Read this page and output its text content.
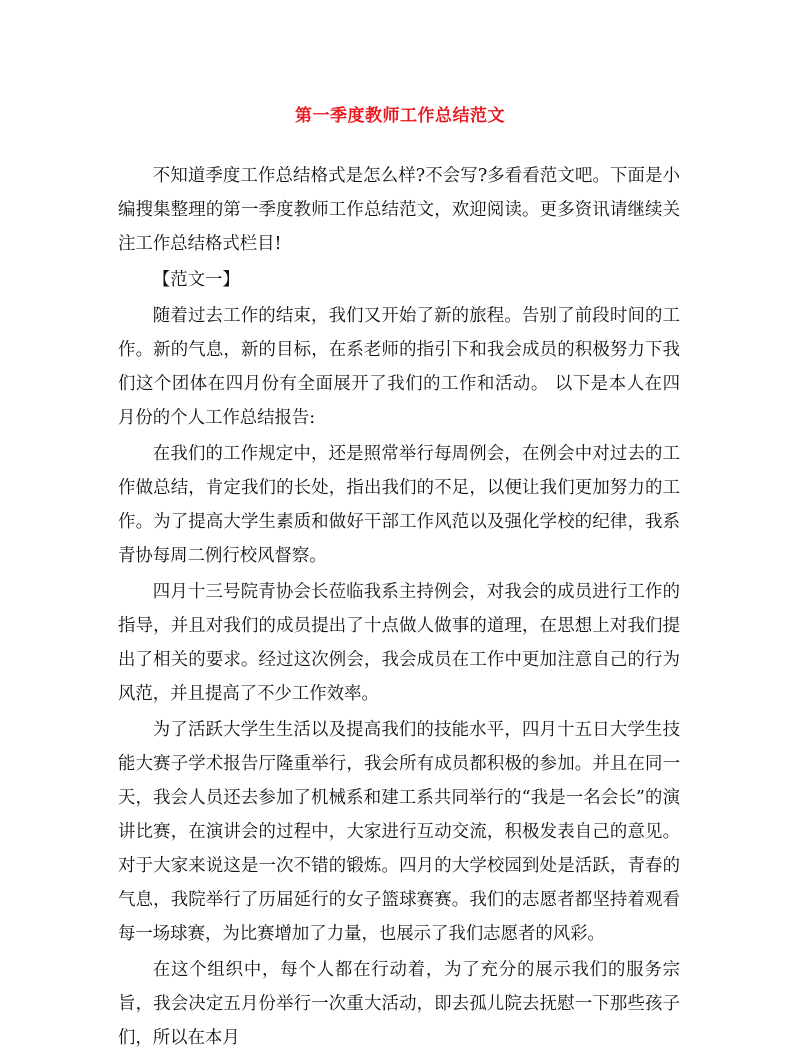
第一季度教师工作总结范文

不知道季度工作总结格式是怎么样?不会写?多看看范文吧。下面是小编搜集整理的第一季度教师工作总结范文，欢迎阅读。更多资讯请继续关注工作总结格式栏目!

【范文一】

随着过去工作的结束，我们又开始了新的旅程。告别了前段时间的工作。新的气息，新的目标，在系老师的指引下和我会成员的积极努力下我们这个团体在四月份有全面展开了我们的工作和活动。 以下是本人在四月份的个人工作总结报告:

在我们的工作规定中，还是照常举行每周例会，在例会中对过去的工作做总结，肯定我们的长处，指出我们的不足，以便让我们更加努力的工作。为了提高大学生素质和做好干部工作风范以及强化学校的纪律，我系青协每周二例行校风督察。

四月十三号院青协会长莅临我系主持例会，对我会的成员进行工作的指导，并且对我们的成员提出了十点做人做事的道理，在思想上对我们提出了相关的要求。经过这次例会，我会成员在工作中更加注意自己的行为风范，并且提高了不少工作效率。

为了活跃大学生生活以及提高我们的技能水平，四月十五日大学生技能大赛子学术报告厅隆重举行，我会所有成员都积极的参加。并且在同一天，我会人员还去参加了机械系和建工系共同举行的“我是一名会长”的演讲比赛，在演讲会的过程中，大家进行互动交流，积极发表自己的意见。对于大家来说这是一次不错的锻炼。四月的大学校园到处是活跃，青春的气息，我院举行了历届延行的女子篮球赛赛。我们的志愿者都坚持着观看每一场球赛，为比赛增加了力量，也展示了我们志愿者的风彩。

在这个组织中，每个人都在行动着，为了充分的展示我们的服务宗旨，我会决定五月份举行一次重大活动，即去孤儿院去抚慰一下那些孩子们，所以在本月
